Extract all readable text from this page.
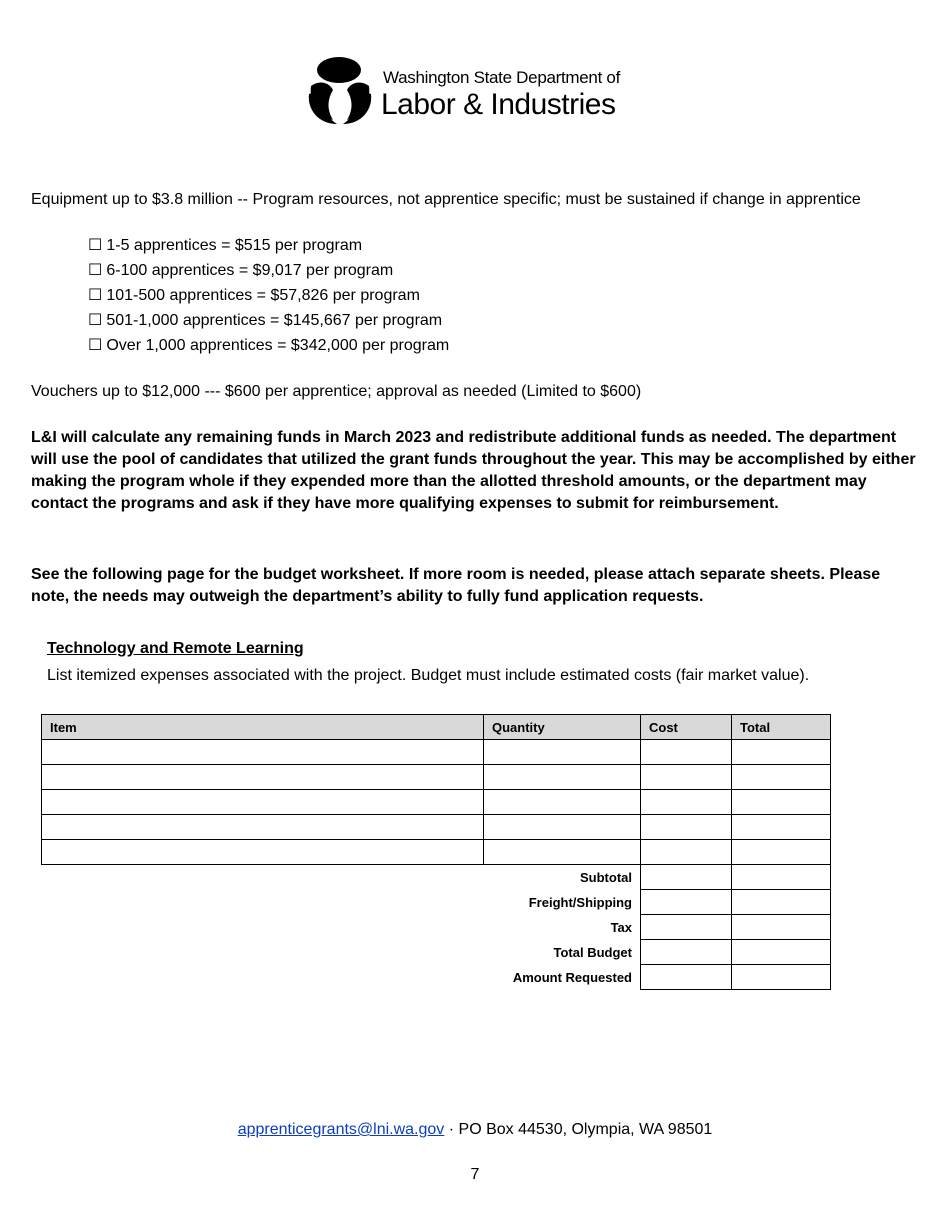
Washington State Department of
Labor & Industries
Equipment up to $3.8 million -- Program resources, not apprentice specific; must be sustained if change in apprentice
☐ 1-5 apprentices = $515 per program
☐ 6-100 apprentices = $9,017 per program
☐ 101-500 apprentices = $57,826 per program
☐ 501-1,000 apprentices = $145,667 per program
☐ Over 1,000 apprentices = $342,000 per program
Vouchers up to $12,000 --- $600 per apprentice; approval as needed (Limited to $600)
L&I will calculate any remaining funds in March 2023 and redistribute additional funds as needed. The department will use the pool of candidates that utilized the grant funds throughout the year. This may be accomplished by either making the program whole if they expended more than the allotted threshold amounts, or the department may contact the programs and ask if they have more qualifying expenses to submit for reimbursement.
See the following page for the budget worksheet. If more room is needed, please attach separate sheets. Please note, the needs may outweigh the department’s ability to fully fund application requests.
Technology and Remote Learning
List itemized expenses associated with the project. Budget must include estimated costs (fair market value).
Item	Quantity	Cost	Total

Subtotal			
Freight/Shipping			
Tax			
Total Budget			
Amount Requested			
apprenticegrants@lni.wa.gov · PO Box 44530, Olympia, WA 98501
7
